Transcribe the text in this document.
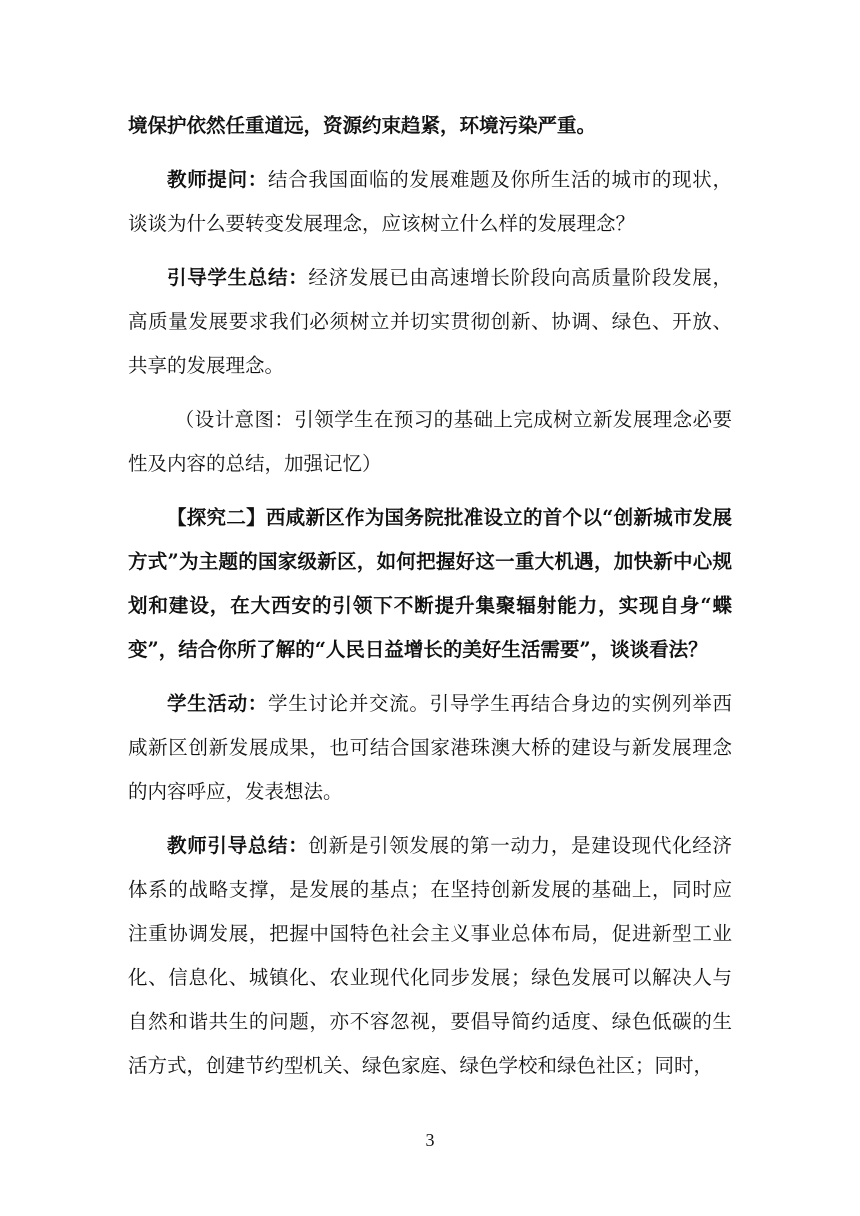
境保护依然任重道远，资源约束趋紧，环境污染严重。

教师提问：结合我国面临的发展难题及你所生活的城市的现状，谈谈为什么要转变发展理念，应该树立什么样的发展理念？

引导学生总结：经济发展已由高速增长阶段向高质量阶段发展，高质量发展要求我们必须树立并切实贯彻创新、协调、绿色、开放、共享的发展理念。

（设计意图：引领学生在预习的基础上完成树立新发展理念必要性及内容的总结，加强记忆）

【探究二】西咸新区作为国务院批准设立的首个以“创新城市发展方式”为主题的国家级新区，如何把握好这一重大机遇，加快新中心规划和建设，在大西安的引领下不断提升集聚辐射能力，实现自身“蝶变”，结合你所了解的“人民日益增长的美好生活需要”，谈谈看法？

学生活动：学生讨论并交流。引导学生再结合身边的实例列举西咸新区创新发展成果，也可结合国家港珠澳大桥的建设与新发展理念的内容呼应，发表想法。

教师引导总结：创新是引领发展的第一动力，是建设现代化经济体系的战略支撑，是发展的基点；在坚持创新发展的基础上，同时应注重协调发展，把握中国特色社会主义事业总体布局，促进新型工业化、信息化、城镇化、农业现代化同步发展；绿色发展可以解决人与自然和谐共生的问题，亦不容忽视，要倡导简约适度、绿色低碳的生活方式，创建节约型机关、绿色家庭、绿色学校和绿色社区；同时，

3
